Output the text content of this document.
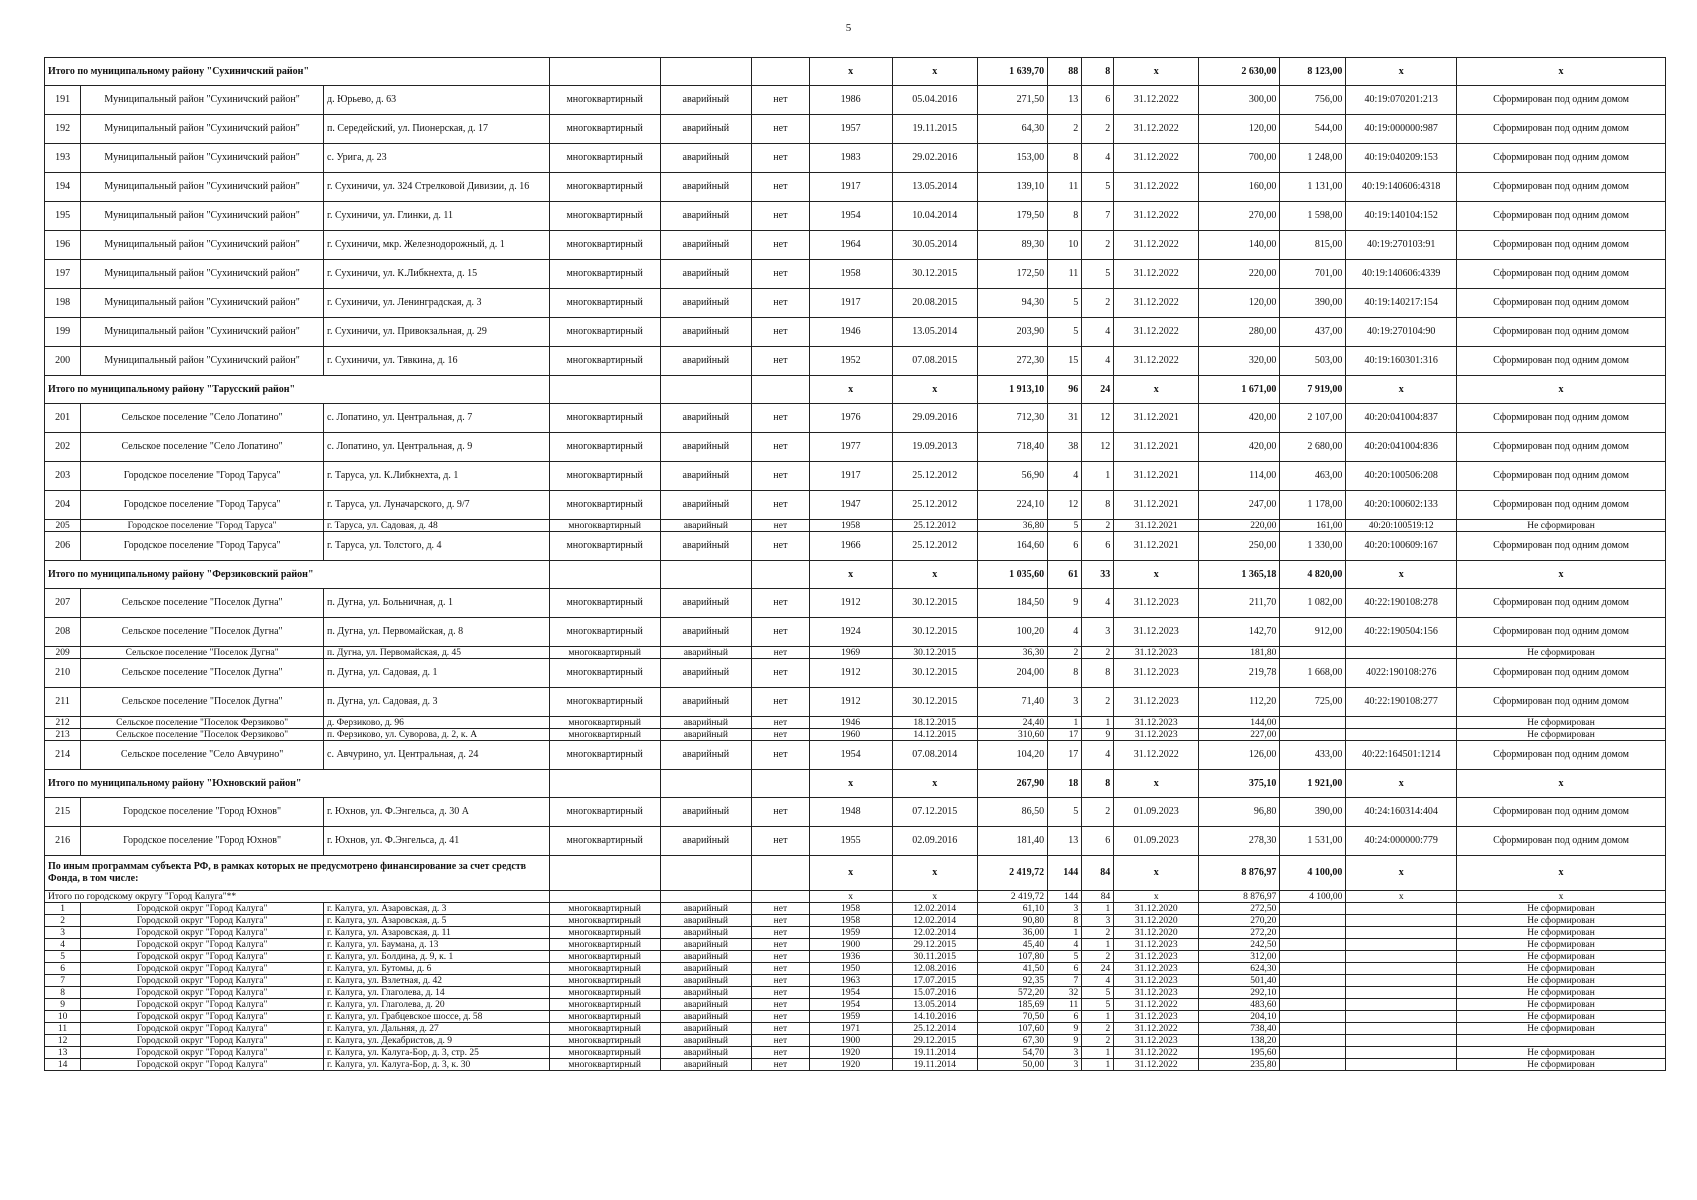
5
Итого по муниципальному району "Сухиничский район"						x	x	1 639,70	88	8	x	2 630,00	8 123,00	x	x
191	Муниципальный район "Сухиничский район"	д. Юрьево, д. 63	многоквартирный	аварийный	нет	1986	05.04.2016	271,50	13	6	31.12.2022	300,00	756,00	40:19:070201:213	Сформирован под одним домом
192	Муниципальный район "Сухиничский район"	п. Середейский, ул. Пионерская, д. 17	многоквартирный	аварийный	нет	1957	19.11.2015	64,30	2	2	31.12.2022	120,00	544,00	40:19:000000:987	Сформирован под одним домом
193	Муниципальный район "Сухиничский район"	с. Урига, д. 23	многоквартирный	аварийный	нет	1983	29.02.2016	153,00	8	4	31.12.2022	700,00	1 248,00	40:19:040209:153	Сформирован под одним домом
194	Муниципальный район "Сухиничский район"	г. Сухиничи, ул. 324 Стрелковой Дивизии, д. 16	многоквартирный	аварийный	нет	1917	13.05.2014	139,10	11	5	31.12.2022	160,00	1 131,00	40:19:140606:4318	Сформирован под одним домом
195	Муниципальный район "Сухиничский район"	г. Сухиничи, ул. Глинки, д. 11	многоквартирный	аварийный	нет	1954	10.04.2014	179,50	8	7	31.12.2022	270,00	1 598,00	40:19:140104:152	Сформирован под одним домом
196	Муниципальный район "Сухиничский район"	г. Сухиничи, мкр. Железнодорожный, д. 1	многоквартирный	аварийный	нет	1964	30.05.2014	89,30	10	2	31.12.2022	140,00	815,00	40:19:270103:91	Сформирован под одним домом
197	Муниципальный район "Сухиничский район"	г. Сухиничи, ул. К.Либкнехта, д. 15	многоквартирный	аварийный	нет	1958	30.12.2015	172,50	11	5	31.12.2022	220,00	701,00	40:19:140606:4339	Сформирован под одним домом
198	Муниципальный район "Сухиничский район"	г. Сухиничи, ул. Ленинградская, д. 3	многоквартирный	аварийный	нет	1917	20.08.2015	94,30	5	2	31.12.2022	120,00	390,00	40:19:140217:154	Сформирован под одним домом
199	Муниципальный район "Сухиничский район"	г. Сухиничи, ул. Привокзальная, д. 29	многоквартирный	аварийный	нет	1946	13.05.2014	203,90	5	4	31.12.2022	280,00	437,00	40:19:270104:90	Сформирован под одним домом
200	Муниципальный район "Сухиничский район"	г. Сухиничи, ул. Тявкина, д. 16	многоквартирный	аварийный	нет	1952	07.08.2015	272,30	15	4	31.12.2022	320,00	503,00	40:19:160301:316	Сформирован под одним домом
Итого по муниципальному району "Тарусский район"						x	x	1 913,10	96	24	x	1 671,00	7 919,00	x	x
201	Сельское поселение "Село Лопатино"	с. Лопатино, ул. Центральная, д. 7	многоквартирный	аварийный	нет	1976	29.09.2016	712,30	31	12	31.12.2021	420,00	2 107,00	40:20:041004:837	Сформирован под одним домом
202	Сельское поселение "Село Лопатино"	с. Лопатино, ул. Центральная, д. 9	многоквартирный	аварийный	нет	1977	19.09.2013	718,40	38	12	31.12.2021	420,00	2 680,00	40:20:041004:836	Сформирован под одним домом
203	Городское поселение "Город Таруса"	г. Таруса, ул. К.Либкнехта, д. 1	многоквартирный	аварийный	нет	1917	25.12.2012	56,90	4	1	31.12.2021	114,00	463,00	40:20:100506:208	Сформирован под одним домом
204	Городское поселение "Город Таруса"	г. Таруса, ул. Луначарского, д. 9/7	многоквартирный	аварийный	нет	1947	25.12.2012	224,10	12	8	31.12.2021	247,00	1 178,00	40:20:100602:133	Сформирован под одним домом
205	Городское поселение "Город Таруса"	г. Таруса, ул. Садовая, д. 48	многоквартирный	аварийный	нет	1958	25.12.2012	36,80	5	2	31.12.2021	220,00	161,00	40:20:100519:12	Не сформирован
206	Городское поселение "Город Таруса"	г. Таруса, ул. Толстого, д. 4	многоквартирный	аварийный	нет	1966	25.12.2012	164,60	6	6	31.12.2021	250,00	1 330,00	40:20:100609:167	Сформирован под одним домом
Итого по муниципальному району "Ферзиковский район"						x	x	1 035,60	61	33	x	1 365,18	4 820,00	x	x
207	Сельское поселение "Поселок Дугна"	п. Дугна, ул. Больничная, д. 1	многоквартирный	аварийный	нет	1912	30.12.2015	184,50	9	4	31.12.2023	211,70	1 082,00	40:22:190108:278	Сформирован под одним домом
208	Сельское поселение "Поселок Дугна"	п. Дугна, ул. Первомайская, д. 8	многоквартирный	аварийный	нет	1924	30.12.2015	100,20	4	3	31.12.2023	142,70	912,00	40:22:190504:156	Сформирован под одним домом
209	Сельское поселение "Поселок Дугна"	п. Дугна, ул. Первомайская, д. 45	многоквартирный	аварийный	нет	1969	30.12.2015	36,30	2	2	31.12.2023	181,80			Не сформирован
210	Сельское поселение "Поселок Дугна"	п. Дугна, ул. Садовая, д. 1	многоквартирный	аварийный	нет	1912	30.12.2015	204,00	8	8	31.12.2023	219,78	1 668,00	4022:190108:276	Сформирован под одним домом
211	Сельское поселение "Поселок Дугна"	п. Дугна, ул. Садовая, д. 3	многоквартирный	аварийный	нет	1912	30.12.2015	71,40	3	2	31.12.2023	112,20	725,00	40:22:190108:277	Сформирован под одним домом
212	Сельское поселение "Поселок Ферзиково"	д. Ферзиково, д. 96	многоквартирный	аварийный	нет	1946	18.12.2015	24,40	1	1	31.12.2023	144,00			Не сформирован
213	Сельское поселение "Поселок Ферзиково"	п. Ферзиково, ул. Суворова, д. 2, к. А	многоквартирный	аварийный	нет	1960	14.12.2015	310,60	17	9	31.12.2023	227,00			Не сформирован
214	Сельское поселение "Село Авчурино"	с. Авчурино, ул. Центральная, д. 24	многоквартирный	аварийный	нет	1954	07.08.2014	104,20	17	4	31.12.2022	126,00	433,00	40:22:164501:1214	Сформирован под одним домом
Итого по муниципальному району "Юхновский район"						x	x	267,90	18	8	x	375,10	1 921,00	x	x
215	Городское поселение "Город Юхнов"	г. Юхнов, ул. Ф.Энгельса, д. 30 А	многоквартирный	аварийный	нет	1948	07.12.2015	86,50	5	2	01.09.2023	96,80	390,00	40:24:160314:404	Сформирован под одним домом
216	Городское поселение "Город Юхнов"	г. Юхнов, ул. Ф.Энгельса, д. 41	многоквартирный	аварийный	нет	1955	02.09.2016	181,40	13	6	01.09.2023	278,30	1 531,00	40:24:000000:779	Сформирован под одним домом
По иным программам субъекта РФ, в рамках которых не предусмотрено финансирование за счет средств Фонда, в том числе:						x	x	2 419,72	144	84	x	8 876,97	4 100,00	x	x
Итого по городскому округу "Город Калуга"**						x	x	2 419,72	144	84	x	8 876,97	4 100,00	x	x
1	Городской округ "Город Калуга"	г. Калуга, ул. Азаровская, д. 3	многоквартирный	аварийный	нет	1958	12.02.2014	61,10	3	1	31.12.2020	272,50			Не сформирован
2	Городской округ "Город Калуга"	г. Калуга, ул. Азаровская, д. 5	многоквартирный	аварийный	нет	1958	12.02.2014	90,80	8	3	31.12.2020	270,20			Не сформирован
3	Городской округ "Город Калуга"	г. Калуга, ул. Азаровская, д. 11	многоквартирный	аварийный	нет	1959	12.02.2014	36,00	1	2	31.12.2020	272,20			Не сформирован
4	Городской округ "Город Калуга"	г. Калуга, ул. Баумана, д. 13	многоквартирный	аварийный	нет	1900	29.12.2015	45,40	4	1	31.12.2023	242,50			Не сформирован
5	Городской округ "Город Калуга"	г. Калуга, ул. Болдина, д. 9, к. 1	многоквартирный	аварийный	нет	1936	30.11.2015	107,80	5	2	31.12.2023	312,00			Не сформирован
6	Городской округ "Город Калуга"	г. Калуга, ул. Бутомы, д. 6	многоквартирный	аварийный	нет	1950	12.08.2016	41,50	6	24	31.12.2023	624,30			Не сформирован
7	Городской округ "Город Калуга"	г. Калуга, ул. Взлетная, д. 42	многоквартирный	аварийный	нет	1963	17.07.2015	92,35	7	4	31.12.2023	501,40			Не сформирован
8	Городской округ "Город Калуга"	г. Калуга, ул. Глаголева, д. 14	многоквартирный	аварийный	нет	1954	15.07.2016	572,20	32	5	31.12.2023	292,10			Не сформирован
9	Городской округ "Город Калуга"	г. Калуга, ул. Глаголева, д. 20	многоквартирный	аварийный	нет	1954	13.05.2014	185,69	11	5	31.12.2022	483,60			Не сформирован
10	Городской округ "Город Калуга"	г. Калуга, ул. Грабцевское шоссе, д. 58	многоквартирный	аварийный	нет	1959	14.10.2016	70,50	6	1	31.12.2023	204,10			Не сформирован
11	Городской округ "Город Калуга"	г. Калуга, ул. Дальняя, д. 27	многоквартирный	аварийный	нет	1971	25.12.2014	107,60	9	2	31.12.2022	738,40			Не сформирован
12	Городской округ "Город Калуга"	г. Калуга, ул. Декабристов, д. 9	многоквартирный	аварийный	нет	1900	29.12.2015	67,30	9	2	31.12.2023	138,20			
13	Городской округ "Город Калуга"	г. Калуга, ул. Калуга-Бор, д. 3, стр. 25	многоквартирный	аварийный	нет	1920	19.11.2014	54,70	3	1	31.12.2022	195,60			Не сформирован
14	Городской округ "Город Калуга"	г. Калуга, ул. Калуга-Бор, д. 3, к. 30	многоквартирный	аварийный	нет	1920	19.11.2014	50,00	3	1	31.12.2022	235,80			Не сформирован
